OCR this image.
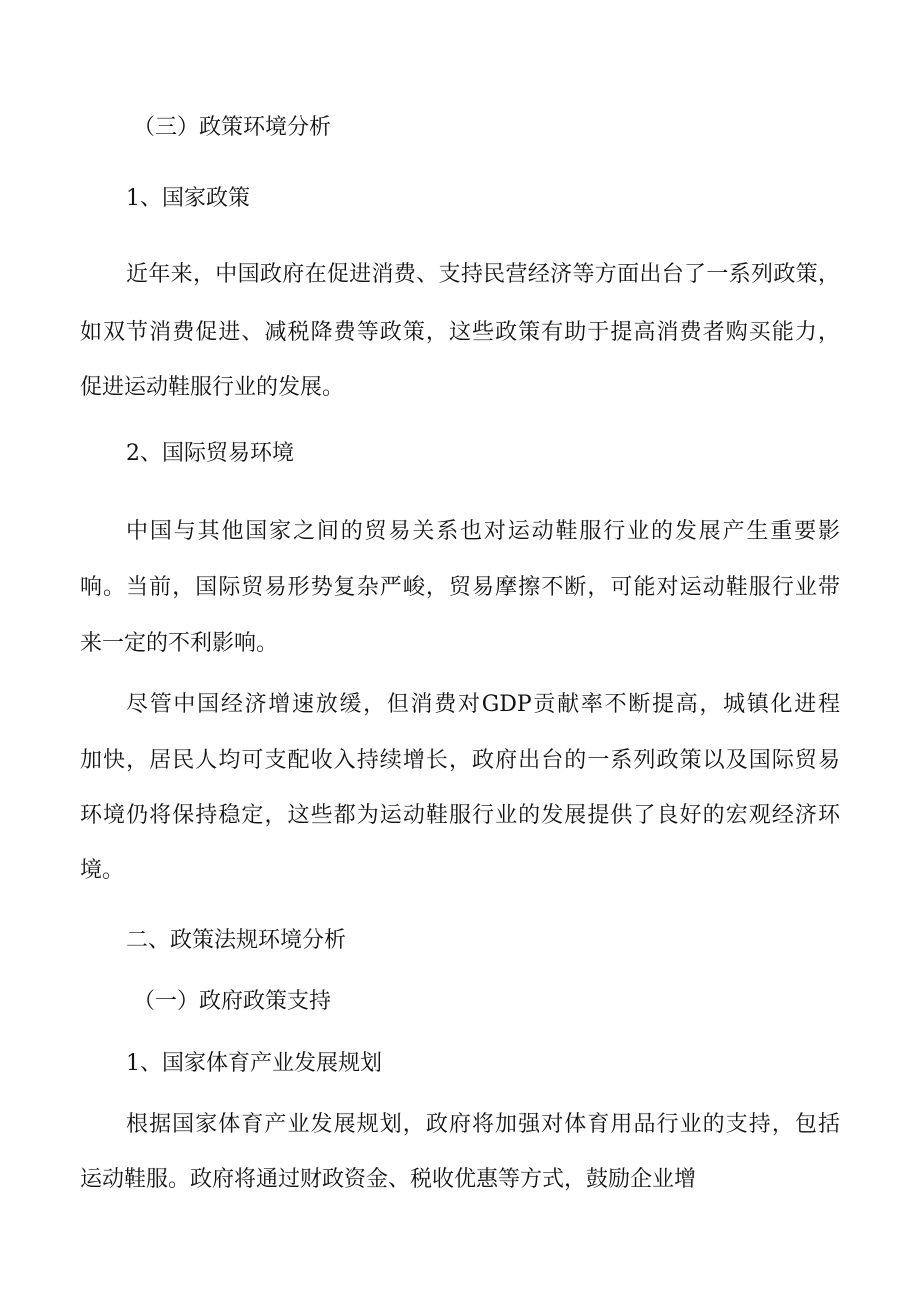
（三）政策环境分析
1、国家政策
近年来，中国政府在促进消费、支持民营经济等方面出台了一系列政策，
如双节消费促进、减税降费等政策，这些政策有助于提高消费者购买能力，
促进运动鞋服行业的发展。
2、国际贸易环境
中国与其他国家之间的贸易关系也对运动鞋服行业的发展产生重要影
响。当前，国际贸易形势复杂严峻，贸易摩擦不断，可能对运动鞋服行业带
来一定的不利影响。
尽管中国经济增速放缓，但消费对GDP贡献率不断提高，城镇化进程
加快，居民人均可支配收入持续增长，政府出台的一系列政策以及国际贸易
环境仍将保持稳定，这些都为运动鞋服行业的发展提供了良好的宏观经济环
境。
二、政策法规环境分析
（一）政府政策支持
1、国家体育产业发展规划
根据国家体育产业发展规划，政府将加强对体育用品行业的支持，包括
运动鞋服。政府将通过财政资金、税收优惠等方式，鼓励企业增
